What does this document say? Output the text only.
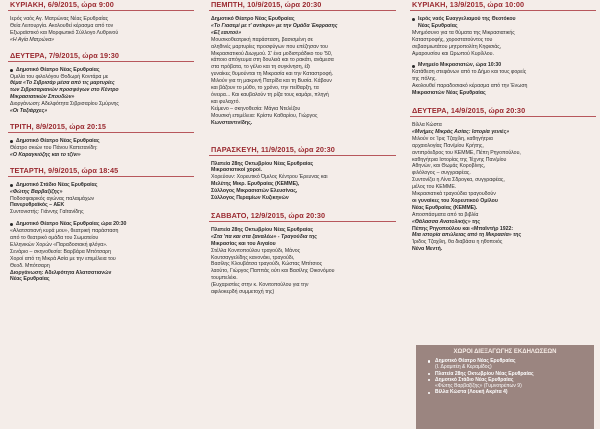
ΚΥΡΙΑΚΗ, 6/9/2015, ώρα 9:00
Ιερός ναός Αγ. Ματρώνας Νέας Ερυθραίας
Θεία Λειτουργία. Ακολουθεί κέρασμα από τον
Εξωραϊστικό και Μορφωτικό Σύλλογο Λυθρινού
«Η Αγία Ματρώνα»
ΔΕΥΤΕΡΑ, 7/9/2015, ώρα 19:30
Δημοτικό Θέατρο Νέας Ερυθραίας
Ομιλία του φιλολόγου Θοδωρή Κοντάρα με
θέμα «Το Σιβρισάρ μέσα από τις μαρτυρίες
των Σιβρισαριανών προσφύγων στο Κέντρο
Μικρασιατικών Σπουδών»
Διοργάνωση: Αδελφότητα Σιβρισαρίου Σμύρνης
«Οι Ταξιάρχες»
ΤΡΙΤΗ, 8/9/2015, ώρα 20:15
Δημοτικό Θέατρο Νέας Ερυθραίας
Θέατρο σκιών του Πάνου Καπετανίδη:
«Ο Καραγκιόζης και το τζίνι»
ΤΕΤΑΡΤΗ, 9/9/2015, ώρα 18:45
Δημοτικό Στάδιο Νέας Ερυθραίας
«Φώτης Βαρβαξίζης»
Ποδοσφαιρικός αγώνας παλαιμάχων
Πανερυθραϊκός – ΑΕΚ
Συντονιστής: Γιάννης Γαϊτανίδης
Δημοτικό Θέατρο Νέας Ερυθραίας ώρα 20:30
«Αλατσατιανή κυρά μου», θεατρική παράσταση
από το θεατρικό ομάδα του Σωματείου
Ελληνικών Χορών «Παραδοσιακή φλόγα».
Σενάριο – σκηνοθεσία: Βαρβάρα Μπότσαρη
Χοροί από τη Μικρά Ασία με την επιμέλεια του
Θεοδ. Μπότσαρη
Διοργάνωση: Αδελφότητα Αλατσατιανών
Νέας Ερυθραίας
ΠΕΜΠΤΗ, 10/9/2015, ώρα 20:30
Δημοτικό Θέατρο Νέας Ερυθραίας
«Το Γιασεμί με τ' αντίκρυ» με την Ομάδα Έκφρασης
«Εξ εαυτού»
Μουσικοθεατρική παράσταση, βασισμένη σε
αληθινές μαρτυρίες προσφύγων που επέζησαν του
Μικρασιατικού Διωγμού. Σ' ένα μοδιστράδικο του '50,
κάποιο απόγευμα στη δουλειά και το ρακάτι, ανάμεσα
στα πρόβατα, το γέλιο και τη συγκίνηση, έξι
γυναίκες θυμούνται τη Μικρασία και την Καταστροφή.
Μιλούν για τη μακρινή Πατρίδα και τη Βυσία. Κάβουν
και βάζουν το μύθο, το χρόνο, την πείθαρξη, τα
όνειρα... Και καυβαλούν τη ρίζα τους καμάρι, πληγή
και φυλαχτό.
Κείμενο – σκηνοθεσία: Μάγια Ντελέζου
Μουσική επιμέλεια: Κρίστυ Καθαρίου, Γιώργος
Κωνσταντινίδης.
ΠΑΡΑΣΚΕΥΗ, 11/9/2015, ώρα 20:30
Πλατεία 28ης Οκτωβρίου Νέας Ερυθραίας
Μικρασιατικοί χοροί.
Χορεύουν: Χορευτικό Όμιλος Κέντρου Έρευνας και
Μελέτης Μικρ. Ερυθραίας (ΚΕΜΜΕ),
Σύλλογος Μικρασιατών Ελευσίνας,
Σύλλογος Περαμίων Κυζικηνών
ΣΑΒΒΑΤΟ, 12/9/2015, ώρα 20:30
Πλατεία 28ης Οκτωβρίου Νέας Ερυθραίας
«Στα 'πα και στα ξαναλέω» - Τραγούδια της
Μικρασίας και του Αιγαίου
Στέλλα Κονιτοπούλου τραγούδι, Μάνος
Κουτσαγγελίδης κανονάκι, τραγούδι,
Βασίλης Κλουβάτσα τραγούδι, Κώστας Μπίτσιος
λαούτο, Γιώργος Παππάς ούτι και Βασίλης Οικονόμου
τουμπελέκι.
(Ευχαριστίες στην κ. Κονιτοπούλου για την
αφιλοκερδή συμμετοχή της)
ΚΥΡΙΑΚΗ, 13/9/2015, ώρα 10:00
Ιερός ναός Ευαγγελιαμού της Θεοτόκου
Νέας Ερυθραίας
Μνημόσυνο για τα θύματα της Μικρασιατικής
Καταστροφής, χοροστατούντος του
σεβασμιωτάτου μητροπολίτη Κηφισιάς,
Αμαρουσίου και Ωρωπού Κυρίλλου.
Μνημείο Μικρασιατών, ώρα 10:30
Κατάθεση στεφάνων από το Δήμο και τους φορείς
της πόλης.
Ακολουθεί παραδοσιακό κέρασμα από την Ένωση
Μικρασιατών Νέας Ερυθραίας
ΔΕΥΤΕΡΑ, 14/9/2015, ώρα 20:30
Βίλλα Κώστα
«Μνήμες Μικράς Ασίας: Ιστορία γενιές»
Μιλούν οι: Ίρις Τζαχίλη, καθηγήτρια
αρχαιολογίας Παν/μίου Κρήτης,
αντιπρόεδρος του ΚΕΜΜΕ, Πέπη Ρηγοπούλου,
καθηγήτρια Ιστορίας της Τέχνης Παν/μίου
Αθηνών, και Θωμάς Κοροβίνης,
φιλόλογος – συγγραφέας.
Συντονίζει η Λίνα Σδρογκα, συγγραφέας,
μέλος του ΚΕΜΜΕ.
Μικρασιατικά τραγούδια τραγουδούν
οι γυναίκες του Χορευτικού Ομίλου
Νέας Ερυθραίας (ΚΕΜΜΕ).
Αποσπάσματα από τα βιβλία
«Θάλασσα Ανατολικής» της
Πέπης Ρηγοπούλου και «Μπαϊντήρ 1922:
Μια ιστορία απώλειας από τη Μικρασία» της
Ίριδος Τζαχίλη, θα διαβάσει η ηθοποιός
Νένα Μεντή.
ΧΩΡΟΙ ΔΙΕΞΑΓΩΓΗΣ ΕΚΔΗΛΩΣΕΩΝ
Δημοτικό Θέατρο Νέας Ερυθραίας
(Ι. Δραμιτέη & Κεραμίδος)
Πλατεία 28ης Οκτωβρίου Νέας Ερυθραίας
Δημοτικό Στάδιο Νέας Ερυθραίας
«Φώτης Βαρβαξίζης» (Γυμνοτρέπων 9)
Βίλλα Κώστα (Λουκή Ακρίτα 4)
